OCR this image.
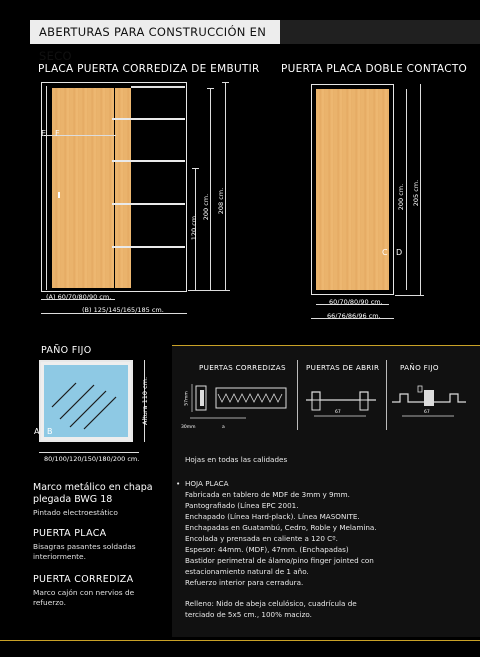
ABERTURAS PARA CONSTRUCCIÓN EN SECO
PLACA PUERTA CORREDIZA DE EMBUTIR
E F
120 cm.
200 cm. 208 cm.
(A) 60/70/80/90 cm.
(B) 125/145/165/185 cm.
PUERTA PLACA DOBLE CONTACTO
C D
200 cm. 205 cm.
60/70/80/90 cm.
66/76/86/96 cm.
PAÑO FIJO
A B
Altura 110 cm.
80/100/120/150/180/200 cm.
PUERTAS CORREDIZAS	PUERTAS DE ABRIR	PAÑO FIJO
57mm
30mm	a
67	67
Hojas en todas las calidades
• HOJA PLACA
Fabricada en tablero de MDF de 3mm y 9mm.
Pantografiado (Línea EPC 2001.
Enchapado (Línea Hard-plack). Línea MASONITE.
Enchapadas en Guatambú, Cedro, Roble y Melamina.
Encolada y prensada en caliente a 120 Cº.
Espesor: 44mm. (MDF), 47mm. (Enchapadas)
Bastidor perimetral de álamo/pino finger jointed con
estacionamiento natural de 1 año.
Refuerzo interior para cerradura.
Relleno: Nido de abeja celulósico, cuadrícula de
terciado de 5x5 cm., 100% macizo.
Marco metálico en chapa
plegada BWG 18
Pintado electroestático
PUERTA PLACA
Bisagras pasantes soldadas
interiormente.
PUERTA CORREDIZA
Marco cajón con nervios de
refuerzo.
